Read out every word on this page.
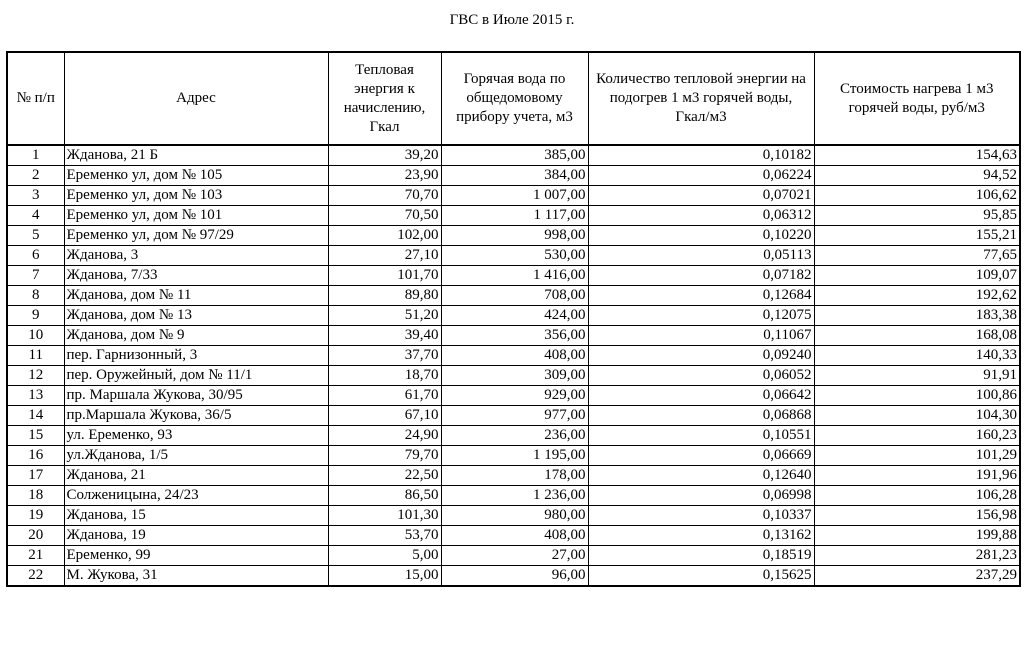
ГВС в Июле 2015 г.
№ п/п	Адрес	Тепловая энергия к начислению, Гкал	Горячая вода по общедомовому прибору учета, м3	Количество тепловой энергии на подогрев 1 м3 горячей воды, Гкал/м3	Стоимость нагрева 1 м3 горячей воды, руб/м3
1	Жданова, 21 Б	39,20	385,00	0,10182	154,63
2	Еременко ул, дом № 105	23,90	384,00	0,06224	94,52
3	Еременко ул, дом № 103	70,70	1 007,00	0,07021	106,62
4	Еременко ул, дом № 101	70,50	1 117,00	0,06312	95,85
5	Еременко ул, дом № 97/29	102,00	998,00	0,10220	155,21
6	Жданова, 3	27,10	530,00	0,05113	77,65
7	Жданова, 7/33	101,70	1 416,00	0,07182	109,07
8	Жданова, дом № 11	89,80	708,00	0,12684	192,62
9	Жданова, дом № 13	51,20	424,00	0,12075	183,38
10	Жданова, дом № 9	39,40	356,00	0,11067	168,08
11	пер. Гарнизонный, 3	37,70	408,00	0,09240	140,33
12	пер. Оружейный, дом № 11/1	18,70	309,00	0,06052	91,91
13	пр. Маршала Жукова, 30/95	61,70	929,00	0,06642	100,86
14	пр.Маршала Жукова, 36/5	67,10	977,00	0,06868	104,30
15	ул. Еременко, 93	24,90	236,00	0,10551	160,23
16	ул.Жданова, 1/5	79,70	1 195,00	0,06669	101,29
17	Жданова, 21	22,50	178,00	0,12640	191,96
18	Солженицына, 24/23	86,50	1 236,00	0,06998	106,28
19	Жданова, 15	101,30	980,00	0,10337	156,98
20	Жданова, 19	53,70	408,00	0,13162	199,88
21	Еременко, 99	5,00	27,00	0,18519	281,23
22	М. Жукова, 31	15,00	96,00	0,15625	237,29
